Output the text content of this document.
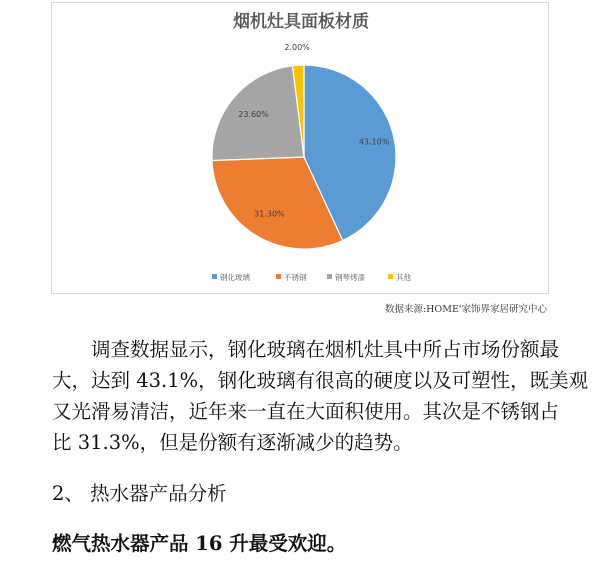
烟机灶具面板材质
43.10%
31.30%
23.60%
2.00%
钢化玻璃	不锈钢	钢琴烤漆	其他
数据来源:HOME'家饰界家居研究中心

　　调查数据显示，钢化玻璃在烟机灶具中所占市场份额最
大，达到 43.1%，钢化玻璃有很高的硬度以及可塑性，既美观
又光滑易清洁，近年来一直在大面积使用。其次是不锈钢占
比 31.3%，但是份额有逐渐减少的趋势。

2、 热水器产品分析

燃气热水器产品 16 升最受欢迎。
